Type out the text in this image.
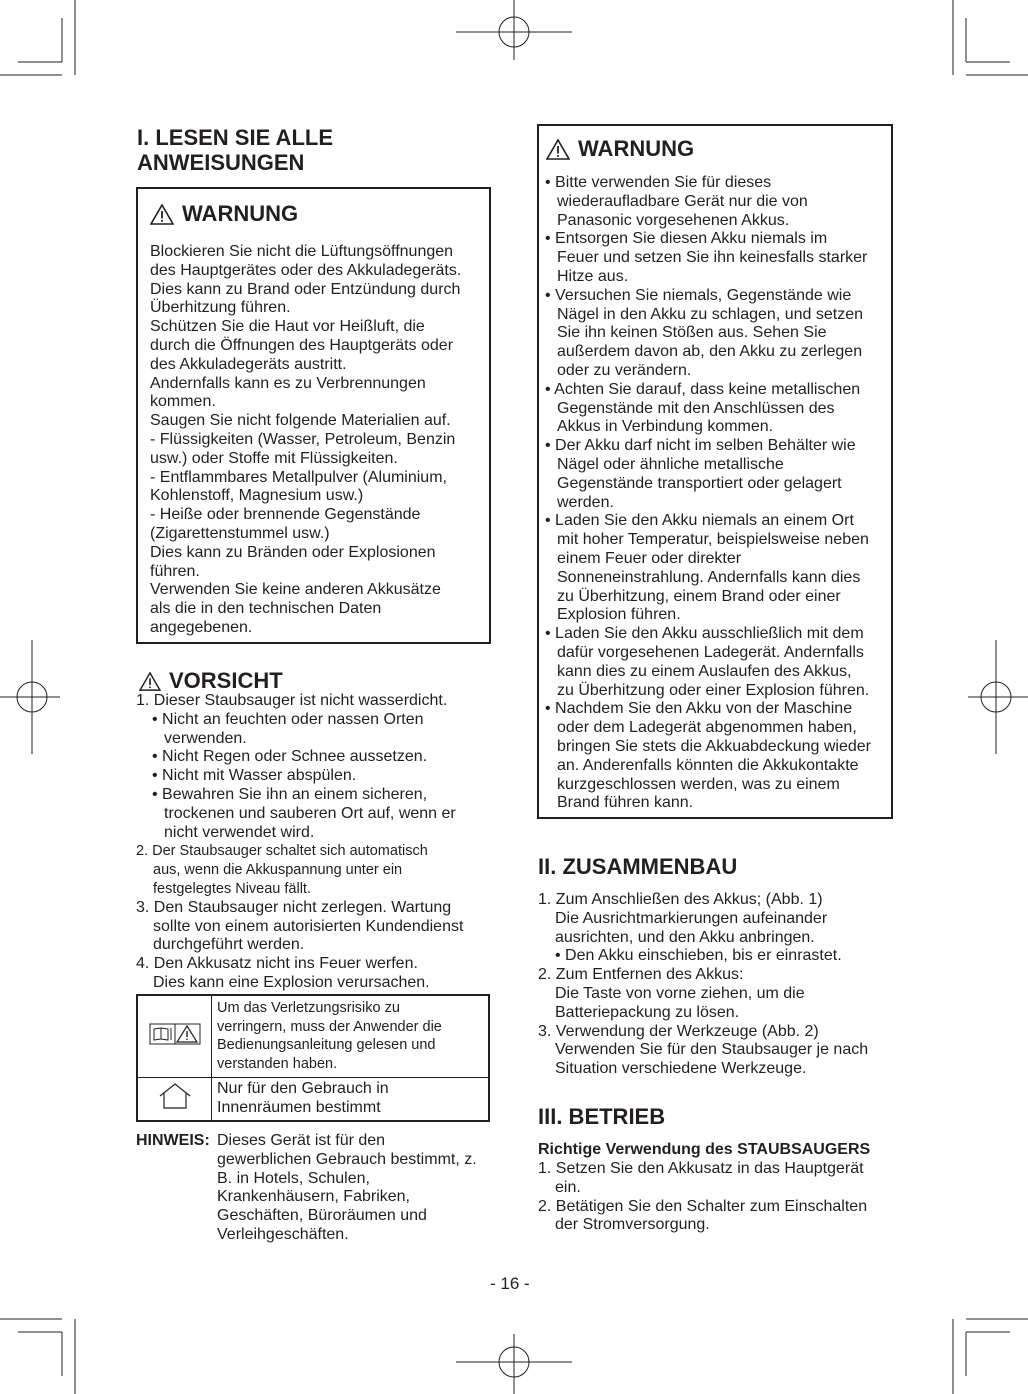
I. LESEN SIE ALLE
ANWEISUNGEN
WARNUNG
Blockieren Sie nicht die Lüftungsöffnungen
des Hauptgerätes oder des Akkuladegeräts.
Dies kann zu Brand oder Entzündung durch
Überhitzung führen.
Schützen Sie die Haut vor Heißluft, die
durch die Öffnungen des Hauptgeräts oder
des Akkuladegeräts austritt.
Andernfalls kann es zu Verbrennungen
kommen.
Saugen Sie nicht folgende Materialien auf.
- Flüssigkeiten (Wasser, Petroleum, Benzin
usw.) oder Stoffe mit Flüssigkeiten.
- Entflammbares Metallpulver (Aluminium,
Kohlenstoff, Magnesium usw.)
- Heiße oder brennende Gegenstände
(Zigarettenstummel usw.)
Dies kann zu Bränden oder Explosionen
führen.
Verwenden Sie keine anderen Akkusätze
als die in den technischen Daten
angegebenen.
VORSICHT
1. Dieser Staubsauger ist nicht wasserdicht.
• Nicht an feuchten oder nassen Orten
verwenden.
• Nicht Regen oder Schnee aussetzen.
• Nicht mit Wasser abspülen.
• Bewahren Sie ihn an einem sicheren,
trockenen und sauberen Ort auf, wenn er
nicht verwendet wird.
2. Der Staubsauger schaltet sich automatisch
aus, wenn die Akkuspannung unter ein
festgelegtes Niveau fällt.
3. Den Staubsauger nicht zerlegen. Wartung
sollte von einem autorisierten Kundendienst
durchgeführt werden.
4. Den Akkusatz nicht ins Feuer werfen.
Dies kann eine Explosion verursachen.

Um das Verletzungsrisiko zu
verringern, muss der Anwender die
Bedienungsanleitung gelesen und
verstanden haben.

Nur für den Gebrauch in
Innenräumen bestimmt
HINWEIS: Dieses Gerät ist für den
gewerblichen Gebrauch bestimmt, z.
B. in Hotels, Schulen,
Krankenhäusern, Fabriken,
Geschäften, Büroräumen und
Verleihgeschäften.
WARNUNG
• Bitte verwenden Sie für dieses
wiederaufladbare Gerät nur die von
Panasonic vorgesehenen Akkus.
• Entsorgen Sie diesen Akku niemals im
Feuer und setzen Sie ihn keinesfalls starker
Hitze aus.
• Versuchen Sie niemals, Gegenstände wie
Nägel in den Akku zu schlagen, und setzen
Sie ihn keinen Stößen aus. Sehen Sie
außerdem davon ab, den Akku zu zerlegen
oder zu verändern.
• Achten Sie darauf, dass keine metallischen
Gegenstände mit den Anschlüssen des
Akkus in Verbindung kommen.
• Der Akku darf nicht im selben Behälter wie
Nägel oder ähnliche metallische
Gegenstände transportiert oder gelagert
werden.
• Laden Sie den Akku niemals an einem Ort
mit hoher Temperatur, beispielsweise neben
einem Feuer oder direkter
Sonneneinstrahlung. Andernfalls kann dies
zu Überhitzung, einem Brand oder einer
Explosion führen.
• Laden Sie den Akku ausschließlich mit dem
dafür vorgesehenen Ladegerät. Andernfalls
kann dies zu einem Auslaufen des Akkus,
zu Überhitzung oder einer Explosion führen.
• Nachdem Sie den Akku von der Maschine
oder dem Ladegerät abgenommen haben,
bringen Sie stets die Akkuabdeckung wieder
an. Anderenfalls könnten die Akkukontakte
kurzgeschlossen werden, was zu einem
Brand führen kann.
II. ZUSAMMENBAU
1. Zum Anschließen des Akkus; (Abb. 1)
Die Ausrichtmarkierungen aufeinander
ausrichten, und den Akku anbringen.
• Den Akku einschieben, bis er einrastet.
2. Zum Entfernen des Akkus:
Die Taste von vorne ziehen, um die
Batteriepackung zu lösen.
3. Verwendung der Werkzeuge (Abb. 2)
Verwenden Sie für den Staubsauger je nach
Situation verschiedene Werkzeuge.
III. BETRIEB
Richtige Verwendung des STAUBSAUGERS
1. Setzen Sie den Akkusatz in das Hauptgerät
ein.
2. Betätigen Sie den Schalter zum Einschalten
der Stromversorgung.
- 16 -
